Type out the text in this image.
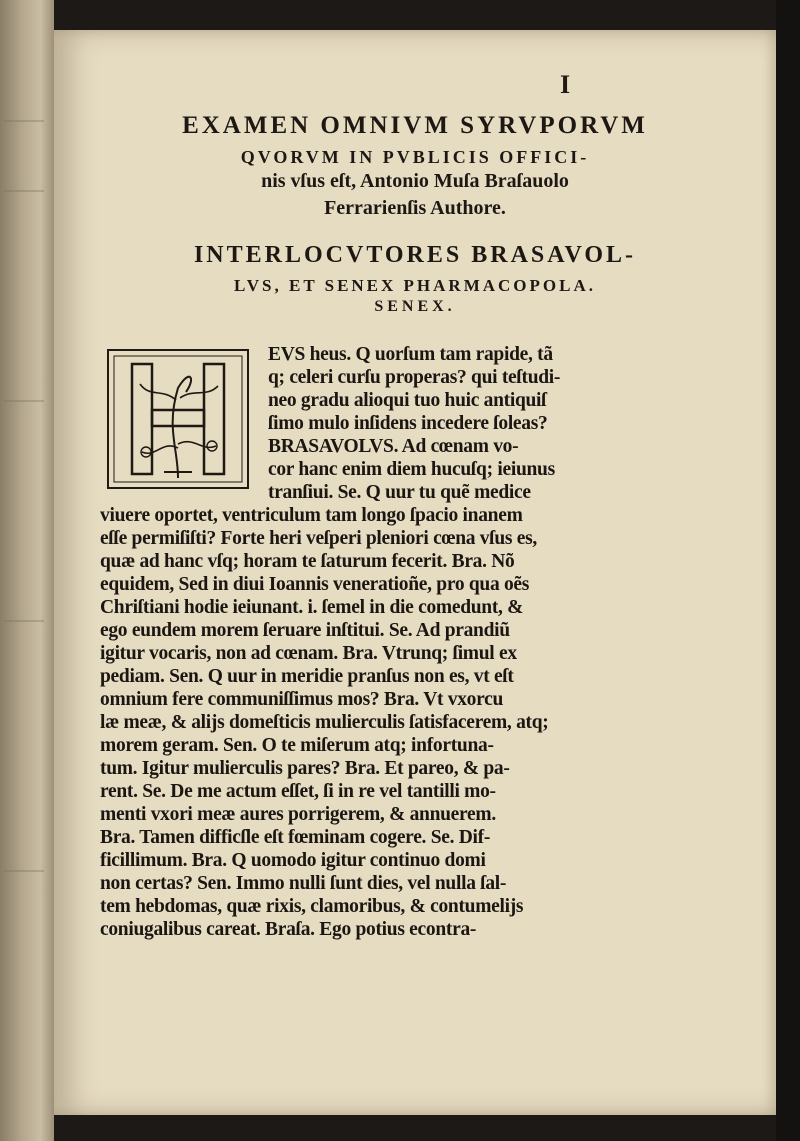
I
EXAMEN OMNIVM SYRVPORVM
QVORVM IN PVBLICIS OFFICI-
nis vſus eſt, Antonio Muſa Braſauolo
Ferrarienſis Authore.
INTERLOCVTORES BRASAVOL-
LVS, ET SENEX PHARMACOPOLA.
SENEX.
EVS heus. Q uorſum tam rapide, tã
q; celeri curſu properas? qui teſtudi-
neo gradu alioqui tuo huic antiquiſ
ſimo mulo inſidens incedere ſoleas?
BRASAVOLVS. Ad cœnam vo-
cor hanc enim diem hucuſq; ieiunus
tranſiui. Se. Q uur tu quẽ medice
viuere oportet, ventriculum tam longo ſpacio inanem
eſſe permiſiſti? Forte heri veſperi pleniori cœna vſus es,
quæ ad hanc vſq; horam te ſaturum fecerit. Bra. Nõ
equidem, Sed in diui Ioannis veneratioñe, pro qua oẽs
Chriſtiani hodie ieiunant. i. ſemel in die comedunt, &
ego eundem morem ſeruare inſtitui. Se. Ad prandiũ
igitur vocaris, non ad cœnam. Bra. Vtrunq; ſimul ex
pediam. Sen. Q uur in meridie pranſus non es, vt eſt
omnium fere communiſſimus mos? Bra. Vt vxorcu
læ meæ, & alijs domeſticis mulierculis ſatisfacerem, atq;
morem geram. Sen. O te miſerum atq; infortuna-
tum. Igitur mulierculis pares? Bra. Et pareo, & pa-
rent. Se. De me actum eſſet, ſi in re vel tantilli mo-
menti vxori meæ aures porrigerem, & annuerem.
Bra. Tamen difficſle eſt fœminam cogere. Se. Dif-
ficillimum. Bra. Q uomodo igitur continuo domi
non certas? Sen. Immo nulli ſunt dies, vel nulla ſal-
tem hebdomas, quæ rixis, clamoribus, & contumelijs
coniugalibus careat. Braſa. Ego potius econtra-
